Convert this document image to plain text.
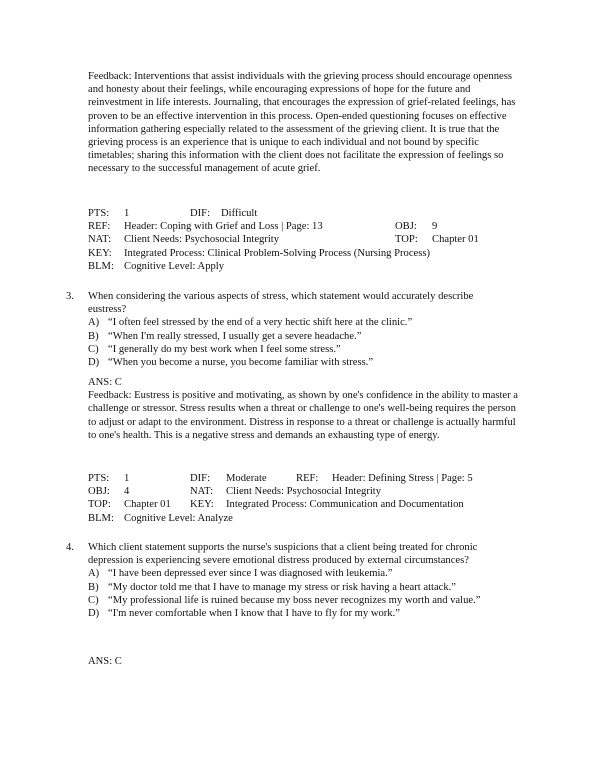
Feedback: Interventions that assist individuals with the grieving process should encourage openness and honesty about their feelings, while encouraging expressions of hope for the future and reinvestment in life interests. Journaling, that encourages the expression of grief-related feelings, has proven to be an effective intervention in this process. Open-ended questioning focuses on effective information gathering especially related to the assessment of the grieving client. It is true that the grieving process is an experience that is unique to each individual and not bound by specific timetables; sharing this information with the client does not facilitate the expression of feelings so necessary to the successful management of acute grief.

PTS: 1	DIF: Difficult
REF: Header: Coping with Grief and Loss | Page: 13	OBJ: 9
NAT: Client Needs: Psychosocial Integrity	TOP: Chapter 01
KEY: Integrated Process: Clinical Problem-Solving Process (Nursing Process)
BLM: Cognitive Level: Apply
3.	When considering the various aspects of stress, which statement would accurately describe eustress?
A) “I often feel stressed by the end of a very hectic shift here at the clinic.”
B) “When I'm really stressed, I usually get a severe headache.”
C) “I generally do my best work when I feel some stress.”
D) “When you become a nurse, you become familiar with stress.”
ANS: C

Feedback: Eustress is positive and motivating, as shown by one's confidence in the ability to master a challenge or stressor. Stress results when a threat or challenge to one's well-being requires the person to adjust or adapt to the environment. Distress in response to a threat or challenge is actually harmful to one's health. This is a negative stress and demands an exhausting type of energy.

PTS: 1	DIF: Moderate	REF: Header: Defining Stress | Page: 5
OBJ: 4	NAT: Client Needs: Psychosocial Integrity
TOP: Chapter 01 KEY: Integrated Process: Communication and Documentation
BLM: Cognitive Level: Analyze
4.	Which client statement supports the nurse's suspicions that a client being treated for chronic depression is experiencing severe emotional distress produced by external circumstances?
A) “I have been depressed ever since I was diagnosed with leukemia.”
B) “My doctor told me that I have to manage my stress or risk having a heart attack.”
C) “My professional life is ruined because my boss never recognizes my worth and value.”
D) “I'm never comfortable when I know that I have to fly for my work.”
ANS: C
